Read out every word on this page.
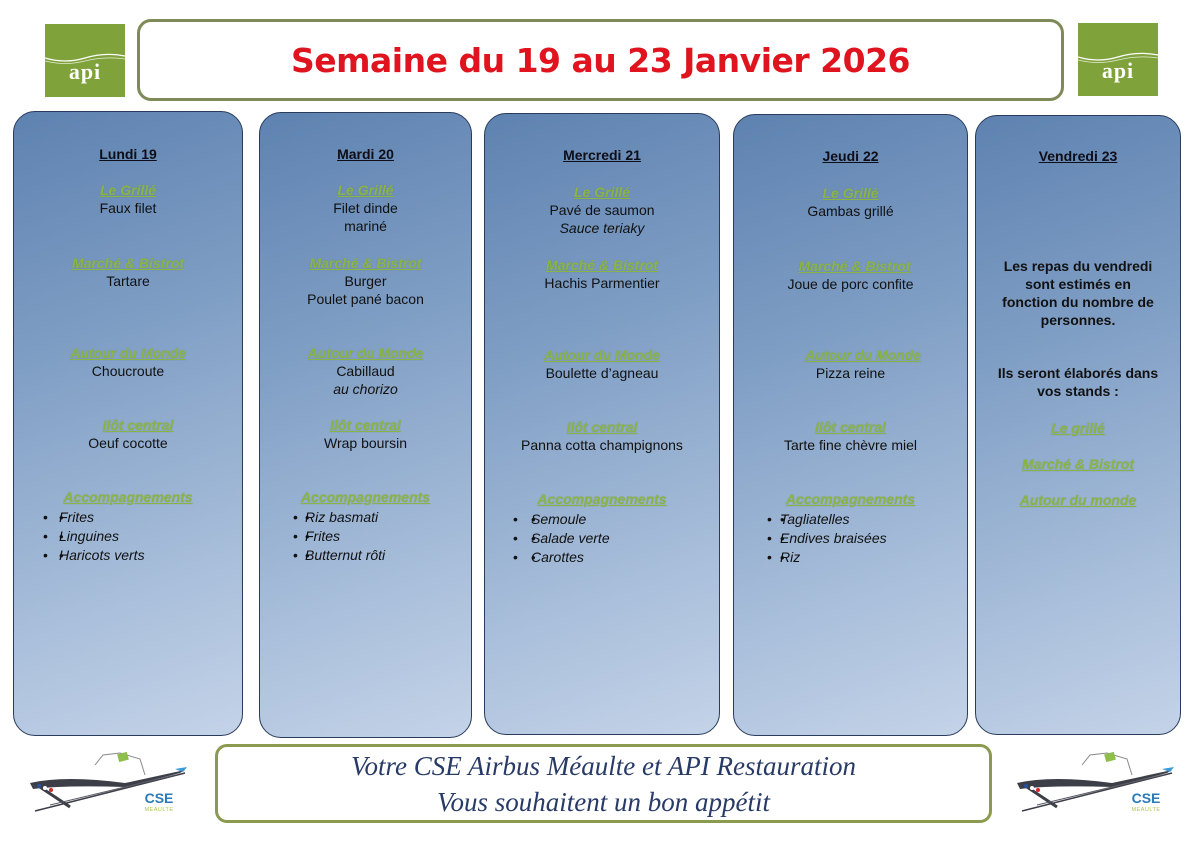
api	api
Semaine du 19 au 23 Janvier 2026
Lundi 19
Le Grillé
Faux filet
Marché & Bistrot
Tartare
Autour du Monde
Choucroute
Ilôt central
Oeuf cocotte
Accompagnements
• • Frites
• • Linguines
• • Haricots verts
Mardi 20
Le Grillé
Filet dinde
mariné
Marché & Bistrot
Burger
Poulet pané bacon
Autour du Monde
Cabillaud
au chorizo
Ilôt central
Wrap boursin
Accompagnements
• • Riz basmati
• • Frites
• • Butternut rôti
Mercredi 21
Le Grillé
Pavé de saumon
Sauce teriaky
Marché & Bistrot
Hachis Parmentier
Autour du Monde
Boulette d’agneau
Ilôt central
Panna cotta champignons
Accompagnements
• • Semoule
• • Salade verte
• • Carottes
Jeudi 22
Le Grillé
Gambas grillé
Marché & Bistrot
Joue de porc confite
Autour du Monde
Pizza reine
Ilôt central
Tarte fine chèvre miel
Accompagnements
• • Tagliatelles
• • Endives braisées
• • Riz
Vendredi 23
Les repas du vendredi
sont estimés en
fonction du nombre de
personnes.
Ils seront élaborés dans
vos stands :
Le grillé
Marché & Bistrot
Autour du monde
CSE
MEAULTE
Votre CSE Airbus Méaulte et API Restauration
Vous souhaitent un bon appétit	CSE
MEAULTE
